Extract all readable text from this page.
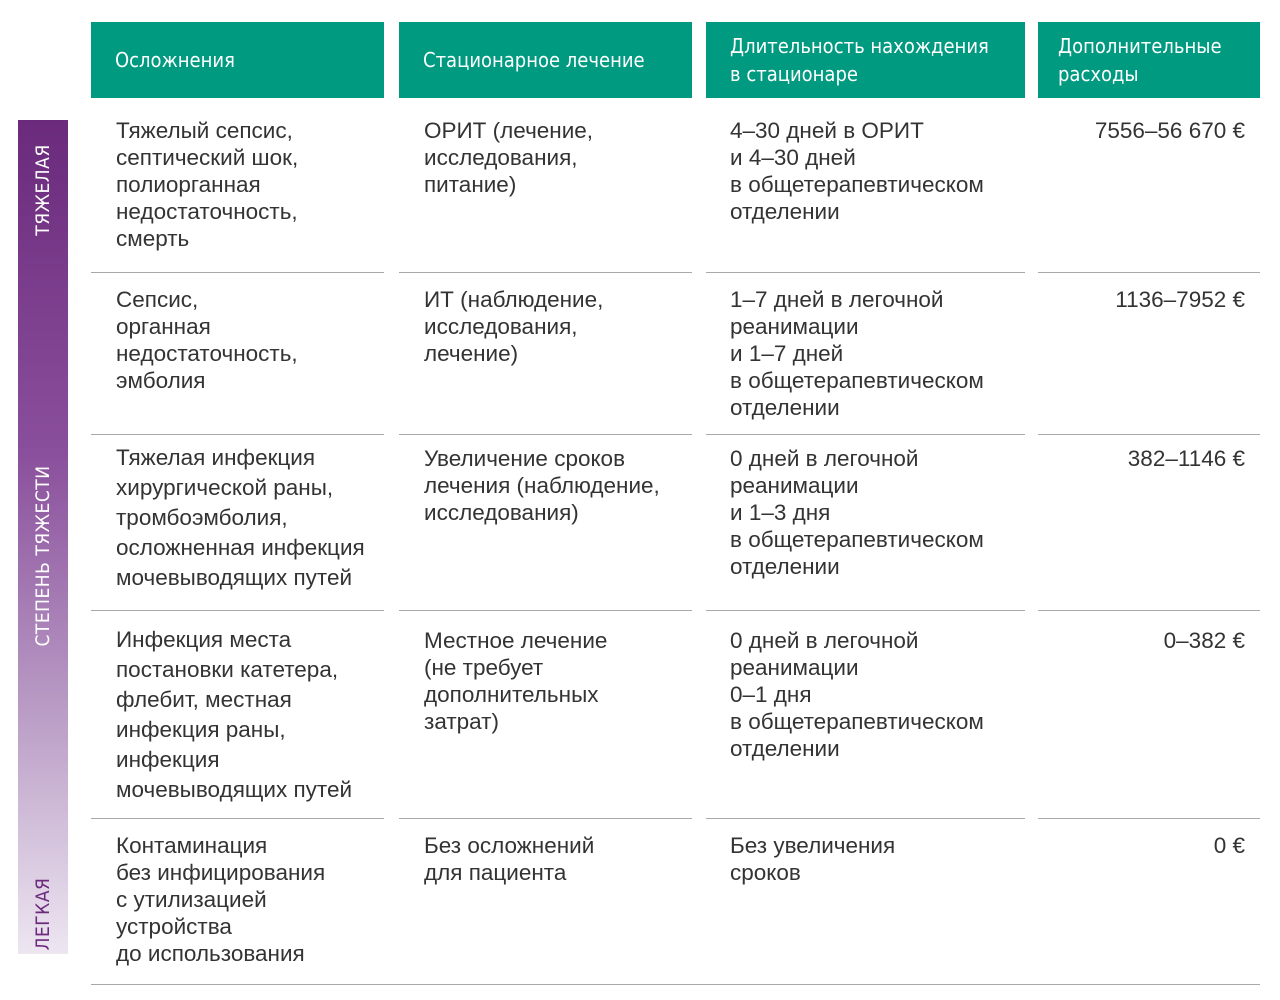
ТЯЖЕЛАЯ
СТЕПЕНЬ ТЯЖЕСТИ
ЛЕГКАЯ
Осложнения	Стационарное лечение
Длительность нахождения
в стационаре
Дополнительные
расходы
Тяжелый сепсис,
септический шок,
полиорганная
недостаточность,
смерть
ОРИТ (лечение,
исследования,
питание)
4–30 дней в ОРИТ
и 4–30 дней
в общетерапевтическом
отделении
7556–56 670 €
Сепсис,
органная
недостаточность,
эмболия
ИТ (наблюдение,
исследования,
лечение)
1–7 дней в легочной
реанимации
и 1–7 дней
в общетерапевтическом
отделении
1136–7952 €
Тяжелая инфекция
хирургической раны,
тромбоэмболия,
осложненная инфекция
мочевыводящих путей
Увеличение сроков
лечения (наблюдение,
исследования)
0 дней в легочной
реанимации
и 1–3 дня
в общетерапевтическом
отделении
382–1146 €
Инфекция места
постановки катетера,
флебит, местная
инфекция раны,
инфекция
мочевыводящих путей
Местное лечение
(не требует
дополнительных
затрат)
0 дней в легочной
реанимации
0–1 дня
в общетерапевтическом
отделении
0–382 €
Контаминация
без инфицирования
с утилизацией
устройства
до использования
Без осложнений
для пациента
Без увеличения
сроков
0 €
